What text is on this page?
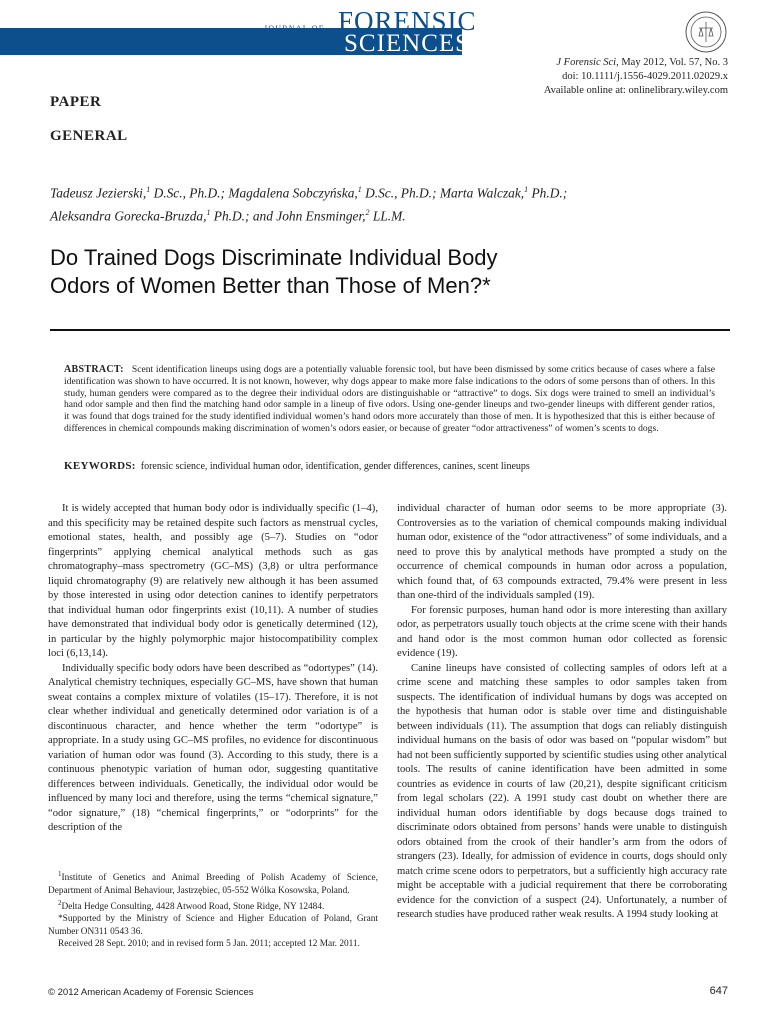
JOURNAL OF FORENSIC
SCIENCES
J Forensic Sci, May 2012, Vol. 57, No. 3
doi: 10.1111/j.1556-4029.2011.02029.x
Available online at: onlinelibrary.wiley.com
PAPER
GENERAL
Tadeusz Jezierski,$^1$ D.Sc., Ph.D.; Magdalena Sobczyńska,$^1$ D.Sc., Ph.D.; Marta Walczak,$^1$ Ph.D.;
Aleksandra Gorecka-Bruzda,$^1$ Ph.D.; and John Ensminger,$^2$ LL.M.
Do Trained Dogs Discriminate Individual Body
Odors of Women Better than Those of Men?*
ABSTRACT: Scent identification lineups using dogs are a potentially valuable forensic tool, but have been dismissed by some critics because of cases where a false identification was shown to have occurred. It is not known, however, why dogs appear to make more false indications to the odors of some persons than of others. In this study, human genders were compared as to the degree their individual odors are distinguishable or “attractive” to dogs. Six dogs were trained to smell an individual’s hand odor sample and then find the matching hand odor sample in a lineup of five odors. Using one-gender lineups and two-gender lineups with different gender ratios, it was found that dogs trained for the study identified individual women’s hand odors more accurately than those of men. It is hypothesized that this is either because of differences in chemical compounds making discrimination of women’s odors easier, or because of greater “odor attractiveness” of women’s scents to dogs.
KEYWORDS: forensic science, individual human odor, identification, gender differences, canines, scent lineups

It is widely accepted that human body odor is individually specific (1–4), and this specificity may be retained despite such factors as menstrual cycles, emotional states, health, and possibly age (5–7). Studies on “odor fingerprints” applying chemical analytical methods such as gas chromatography–mass spectrometry (GC–MS) (3,8) or ultra performance liquid chromatography (9) are relatively new although it has been assumed by those interested in using odor detection canines to identify perpetrators that individual human odor fingerprints exist (10,11). A number of studies have demonstrated that individual body odor is genetically determined (12), in particular by the highly polymorphic major histocompatibility complex loci (6,13,14).

Individually specific body odors have been described as “odortypes” (14). Analytical chemistry techniques, especially GC–MS, have shown that human sweat contains a complex mixture of volatiles (15–17). Therefore, it is not clear whether individual and genetically determined odor variation is of a discontinuous character, and hence whether the term “odortype” is appropriate. In a study using GC–MS profiles, no evidence for discontinuous variation of human odor was found (3). According to this study, there is a continuous phenotypic variation of human odor, suggesting quantitative differences between individuals. Genetically, the individual odor would be influenced by many loci and therefore, using the terms “chemical signature,” “odor signature,” (18) “chemical fingerprints,” or “odorprints” for the description of the

$^1$Institute of Genetics and Animal Breeding of Polish Academy of Science, Department of Animal Behaviour, Jastrzębiec, 05-552 Wólka Kosowska, Poland.

$^2$Delta Hedge Consulting, 4428 Atwood Road, Stone Ridge, NY 12484.

*Supported by the Ministry of Science and Higher Education of Poland, Grant Number ON311 0543 36.

Received 28 Sept. 2010; and in revised form 5 Jan. 2011; accepted 12 Mar. 2011.

individual character of human odor seems to be more appropriate (3). Controversies as to the variation of chemical compounds making individual human odor, existence of the “odor attractiveness” of some individuals, and a need to prove this by analytical methods have prompted a study on the occurrence of chemical compounds in human odor across a population, which found that, of 63 compounds extracted, 79.4% were present in less than one-third of the individuals sampled (19).

For forensic purposes, human hand odor is more interesting than axillary odor, as perpetrators usually touch objects at the crime scene with their hands and hand odor is the most common human odor collected as forensic evidence (19).

Canine lineups have consisted of collecting samples of odors left at a crime scene and matching these samples to odor samples taken from suspects. The identification of individual humans by dogs was accepted on the hypothesis that human odor is stable over time and distinguishable between individuals (11). The assumption that dogs can reliably distinguish individual humans on the basis of odor was based on “popular wisdom” but had not been sufficiently supported by scientific studies using other analytical tools. The results of canine identification have been admitted in some countries as evidence in courts of law (20,21), despite significant criticism from legal scholars (22). A 1991 study cast doubt on whether there are individual human odors identifiable by dogs because dogs trained to discriminate odors obtained from persons’ hands were unable to distinguish odors obtained from the crook of their handler’s arm from the odors of strangers (23). Ideally, for admission of evidence in courts, dogs should only match crime scene odors to perpetrators, but a sufficiently high accuracy rate might be acceptable with a judicial requirement that there be corroborating evidence for the conviction of a suspect (24). Unfortunately, a number of research studies have produced rather weak results. A 1994 study looking at

© 2012 American Academy of Forensic Sciences	647
